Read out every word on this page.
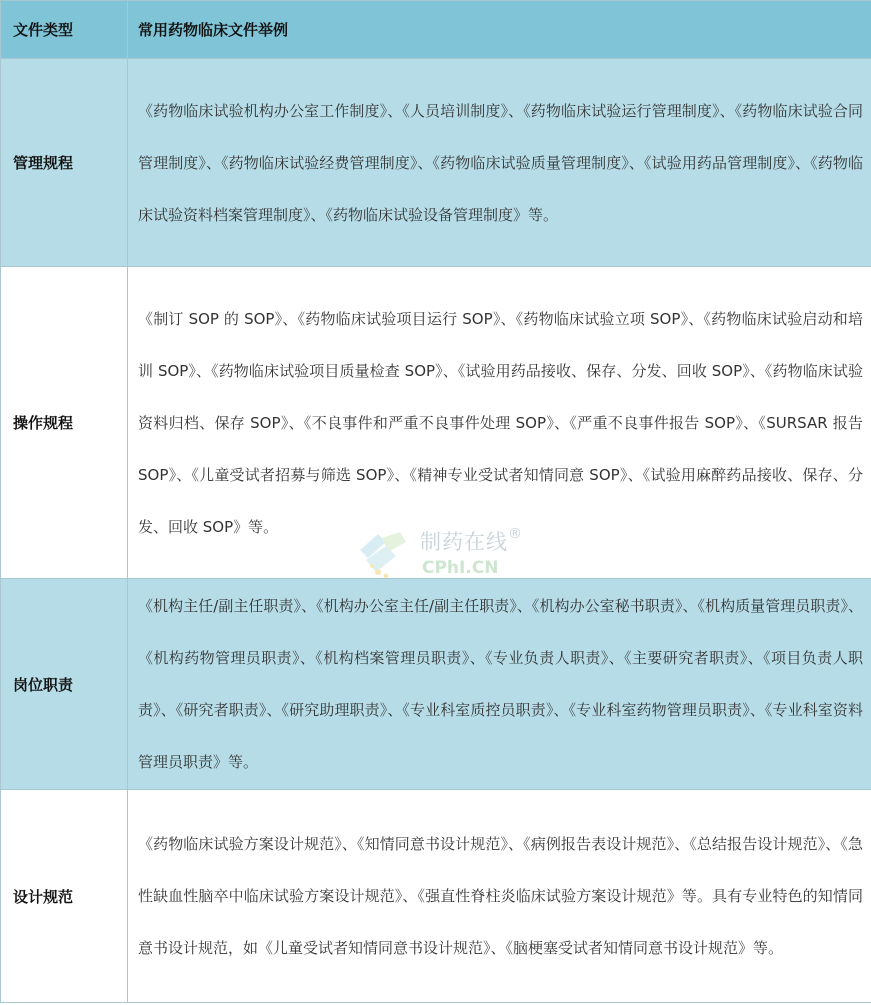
文件类型	常用药物临床文件举例
管理规程	《药物临床试验机构办公室工作制度》、《人员培训制度》、《药物临床试验运行管理制度》、《药物临床试验合同管理制度》、《药物临床试验经费管理制度》、《药物临床试验质量管理制度》、《试验用药品管理制度》、《药物临床试验资料档案管理制度》、《药物临床试验设备管理制度》等。
操作规程	《制订 SOP 的 SOP》、《药物临床试验项目运行 SOP》、《药物临床试验立项 SOP》、《药物临床试验启动和培训 SOP》、《药物临床试验项目质量检查 SOP》、《试验用药品接收、保存、分发、回收 SOP》、《药物临床试验资料归档、保存 SOP》、《不良事件和严重不良事件处理 SOP》、《严重不良事件报告 SOP》、《SURSAR 报告 SOP》、《儿童受试者招募与筛选 SOP》、《精神专业受试者知情同意 SOP》、《试验用麻醉药品接收、保存、分发、回收 SOP》等。
岗位职责	《机构主任/副主任职责》、《机构办公室主任/副主任职责》、《机构办公室秘书职责》、《机构质量管理员职责》、《机构药物管理员职责》、《机构档案管理员职责》、《专业负责人职责》、《主要研究者职责》、《项目负责人职责》、《研究者职责》、《研究助理职责》、《专业科室质控员职责》、《专业科室药物管理员职责》、《专业科室资料管理员职责》等。
设计规范	《药物临床试验方案设计规范》、《知情同意书设计规范》、《病例报告表设计规范》、《总结报告设计规范》、《急性缺血性脑卒中临床试验方案设计规范》、《强直性脊柱炎临床试验方案设计规范》等。具有专业特色的知情同意书设计规范，如《儿童受试者知情同意书设计规范》、《脑梗塞受试者知情同意书设计规范》等。
制药在线®
CPhI.CN
